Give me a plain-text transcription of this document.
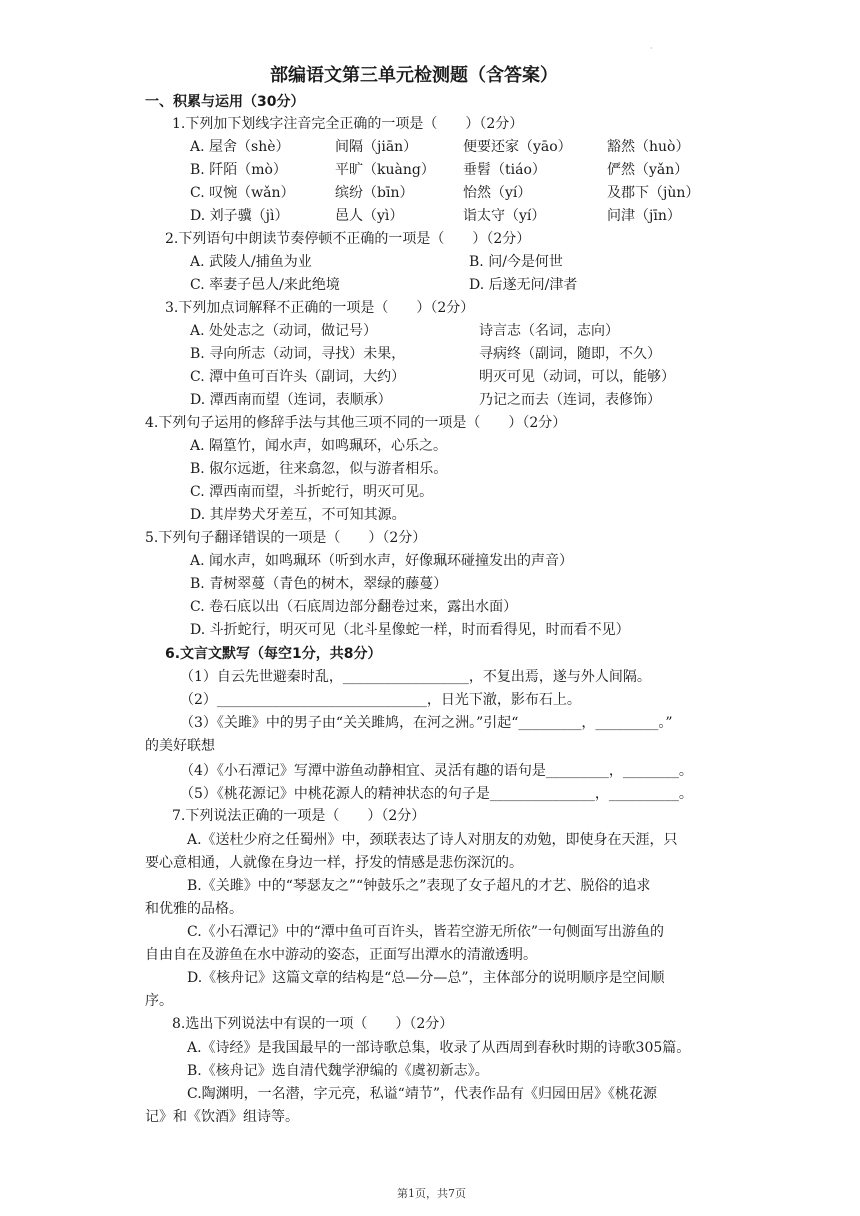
·
部编语文第三单元检测题（含答案）
一、积累与运用（30分）
1.下列加下划线字注音完全正确的一项是（　　）（2分）
A. 屋舍（shè）	间隔（jiān）	便要还家（yāo）	豁然（huò）
B. 阡陌（mò）	平旷（kuàng） 垂髫（tiáo）	俨然（yǎn）
C. 叹惋（wǎn）	缤纷（bīn）	怡然（yí）	及郡下（jùn）
D. 刘子骥（jì）	邑人（yì）	诣太守（yí）	问津（jīn）
2.下列语句中朗读节奏停顿不正确的一项是（　　）（2分）
A. 武陵人/捕鱼为业	B. 问/今是何世
C. 率妻子邑人/来此绝境	D. 后遂无问/津者
3.下列加点词解释不正确的一项是（　　）（2分）
A. 处处志之（动词，做记号）	诗言志（名词，志向）
B. 寻向所志（动词，寻找）未果，	寻病终（副词，随即，不久）
C. 潭中鱼可百许头（副词，大约）	明灭可见（动词，可以，能够）
D. 潭西南而望（连词，表顺承）	乃记之而去（连词，表修饰）
4.下列句子运用的修辞手法与其他三项不同的一项是（　　）（2分）
A. 隔篁竹，闻水声，如鸣珮环，心乐之。
B. 俶尔远逝，往来翕忽，似与游者相乐。
C. 潭西南而望，斗折蛇行，明灭可见。
D. 其岸势犬牙差互，不可知其源。
5.下列句子翻译错误的一项是（　　）（2分）
A. 闻水声，如鸣珮环（听到水声，好像珮环碰撞发出的声音）
B. 青树翠蔓（青色的树木，翠绿的藤蔓）
C. 卷石底以出（石底周边部分翻卷过来，露出水面）
D. 斗折蛇行，明灭可见（北斗星像蛇一样，时而看得见，时而看不见）
6.文言文默写（每空1分，共8分）
（1）自云先世避秦时乱，__________________，不复出焉，遂与外人间隔。
（2）______________________________，日光下澈，影布石上。
（3）《关雎》中的男子由“关关雎鸠，在河之洲。”引起“_________，_________。”
的美好联想
（4）《小石潭记》写潭中游鱼动静相宜、灵活有趣的语句是_________，________。
（5）《桃花源记》中桃花源人的精神状态的句子是_______________，__________。
7.下列说法正确的一项是（　　）（2分）
A.《送杜少府之任蜀州》中，颈联表达了诗人对朋友的劝勉，即使身在天涯，只
要心意相通，人就像在身边一样，抒发的情感是悲伤深沉的。
B.《关雎》中的“琴瑟友之”“钟鼓乐之”表现了女子超凡的才艺、脱俗的追求
和优雅的品格。
C.《小石潭记》中的“潭中鱼可百许头，皆若空游无所依”一句侧面写出游鱼的
自由自在及游鱼在水中游动的姿态，正面写出潭水的清澈透明。
D.《核舟记》这篇文章的结构是“总—分—总”，主体部分的说明顺序是空间顺
序。
8.选出下列说法中有误的一项（　　）（2分）
A.《诗经》是我国最早的一部诗歌总集，收录了从西周到春秋时期的诗歌305篇。
B.《核舟记》选自清代魏学洢编的《虞初新志》。
C.陶渊明，一名潜，字元亮，私谥“靖节”，代表作品有《归园田居》《桃花源
记》和《饮酒》组诗等。
第1页，共7页
